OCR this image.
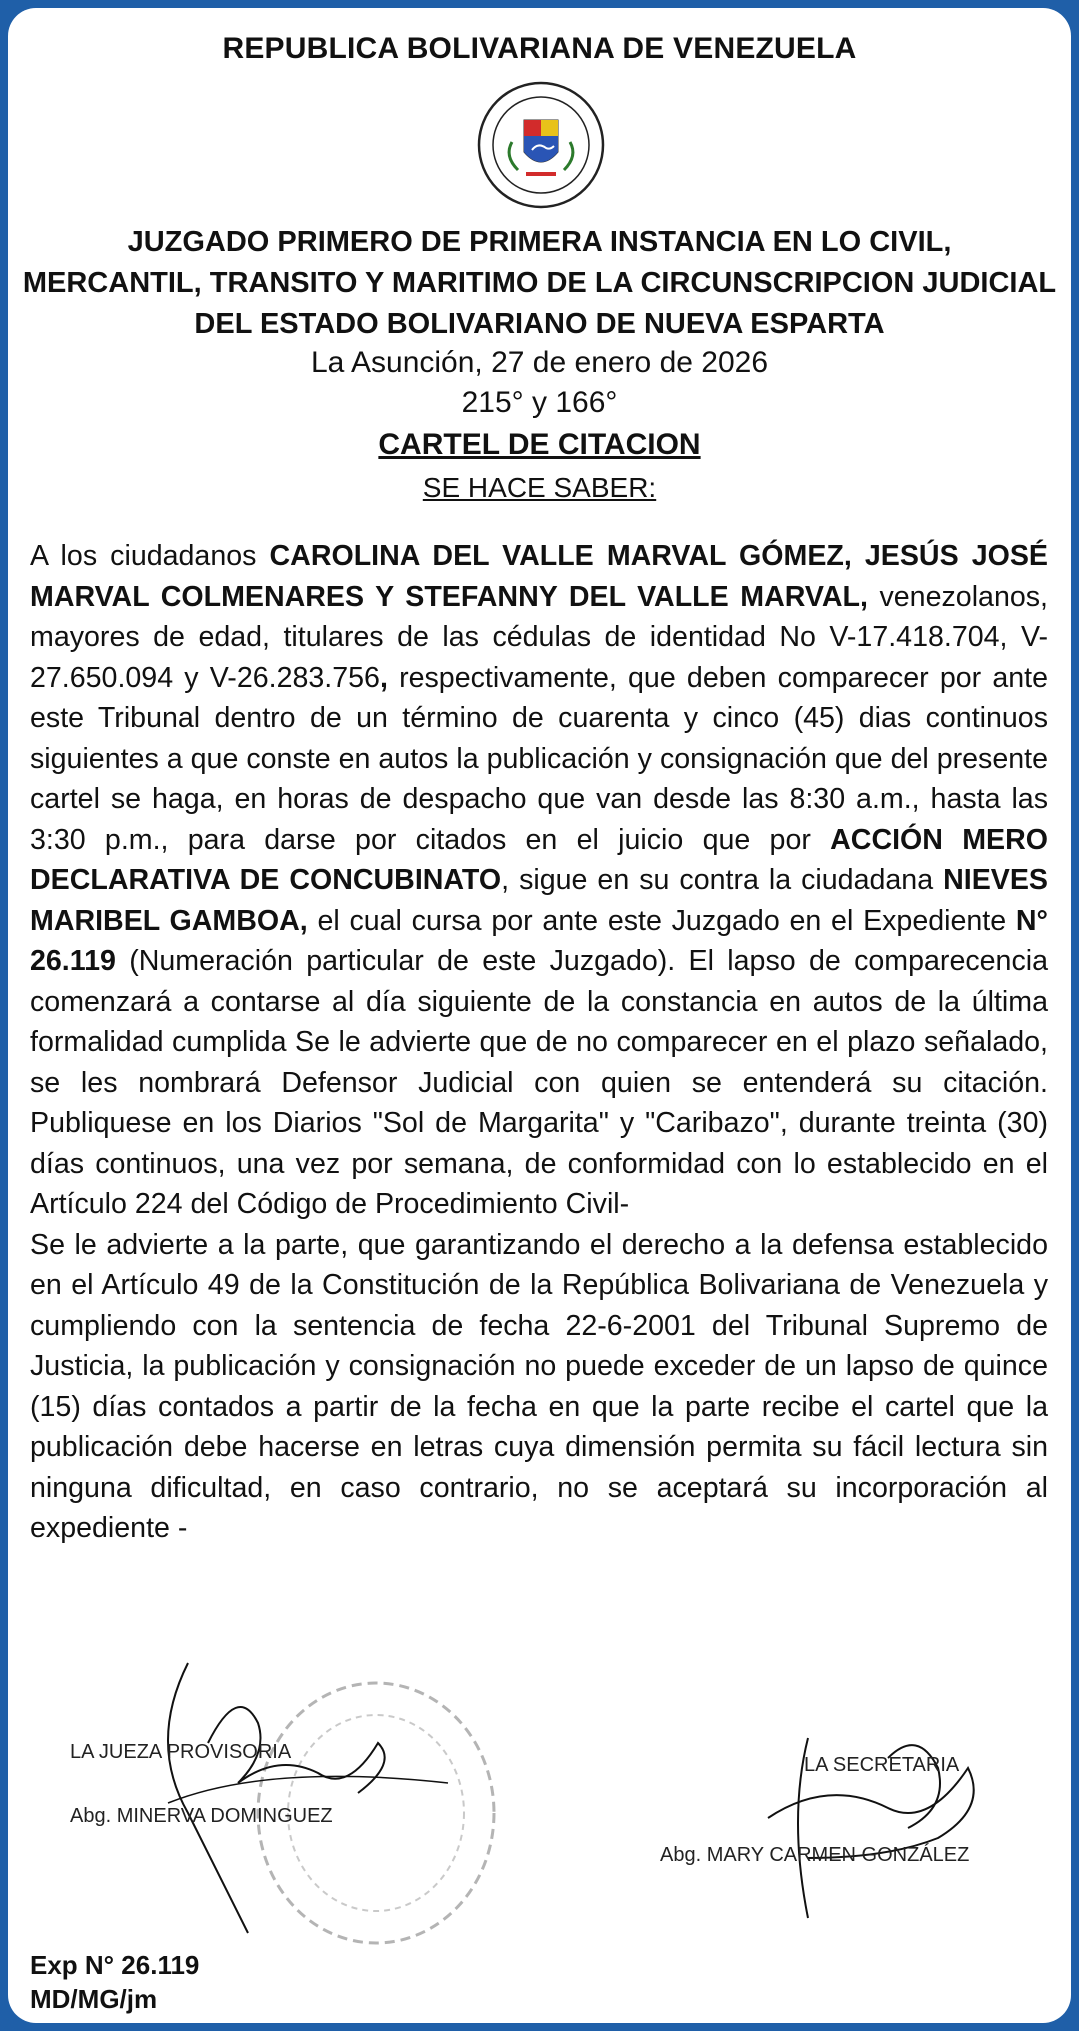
REPUBLICA BOLIVARIANA DE VENEZUELA
JUZGADO PRIMERO DE PRIMERA INSTANCIA EN LO CIVIL,
MERCANTIL, TRANSITO Y MARITIMO DE LA CIRCUNSCRIPCION JUDICIAL
DEL ESTADO BOLIVARIANO DE NUEVA ESPARTA
La Asunción, 27 de enero de 2026
215° y 166°
CARTEL DE CITACION
SE HACE SABER:
A los ciudadanos CAROLINA DEL VALLE MARVAL GÓMEZ, JESÚS JOSÉ MARVAL COLMENARES Y STEFANNY DEL VALLE MARVAL, venezolanos, mayores de edad, titulares de las cédulas de identidad No V-17.418.704, V-27.650.094 y V-26.283.756, respectivamente, que deben comparecer por ante este Tribunal dentro de un término de cuarenta y cinco (45) dias continuos siguientes a que conste en autos la publicación y consignación que del presente cartel se haga, en horas de despacho que van desde las 8:30 a.m., hasta las 3:30 p.m., para darse por citados en el juicio que por ACCIÓN MERO DECLARATIVA DE CONCUBINATO, sigue en su contra la ciudadana NIEVES MARIBEL GAMBOA, el cual cursa por ante este Juzgado en el Expediente N° 26.119 (Numeración particular de este Juzgado). El lapso de comparecencia comenzará a contarse al día siguiente de la constancia en autos de la última formalidad cumplida Se le advierte que de no comparecer en el plazo señalado, se les nombrará Defensor Judicial con quien se entenderá su citación. Publiquese en los Diarios "Sol de Margarita" y "Caribazo", durante treinta (30) días continuos, una vez por semana, de conformidad con lo establecido en el Artículo 224 del Código de Procedimiento Civil-
Se le advierte a la parte, que garantizando el derecho a la defensa establecido en el Artículo 49 de la Constitución de la República Bolivariana de Venezuela y cumpliendo con la sentencia de fecha 22-6-2001 del Tribunal Supremo de Justicia, la publicación y consignación no puede exceder de un lapso de quince (15) días contados a partir de la fecha en que la parte recibe el cartel que la publicación debe hacerse en letras cuya dimensión permita su fácil lectura sin ninguna dificultad, en caso contrario, no se aceptará su incorporación al expediente -
LA JUEZA PROVISORIA
Abg. MINERVA DOMINGUEZ
LA SECRETARIA
Abg. MARY CARMEN GONZÁLEZ
Exp N° 26.119
MD/MG/jm
